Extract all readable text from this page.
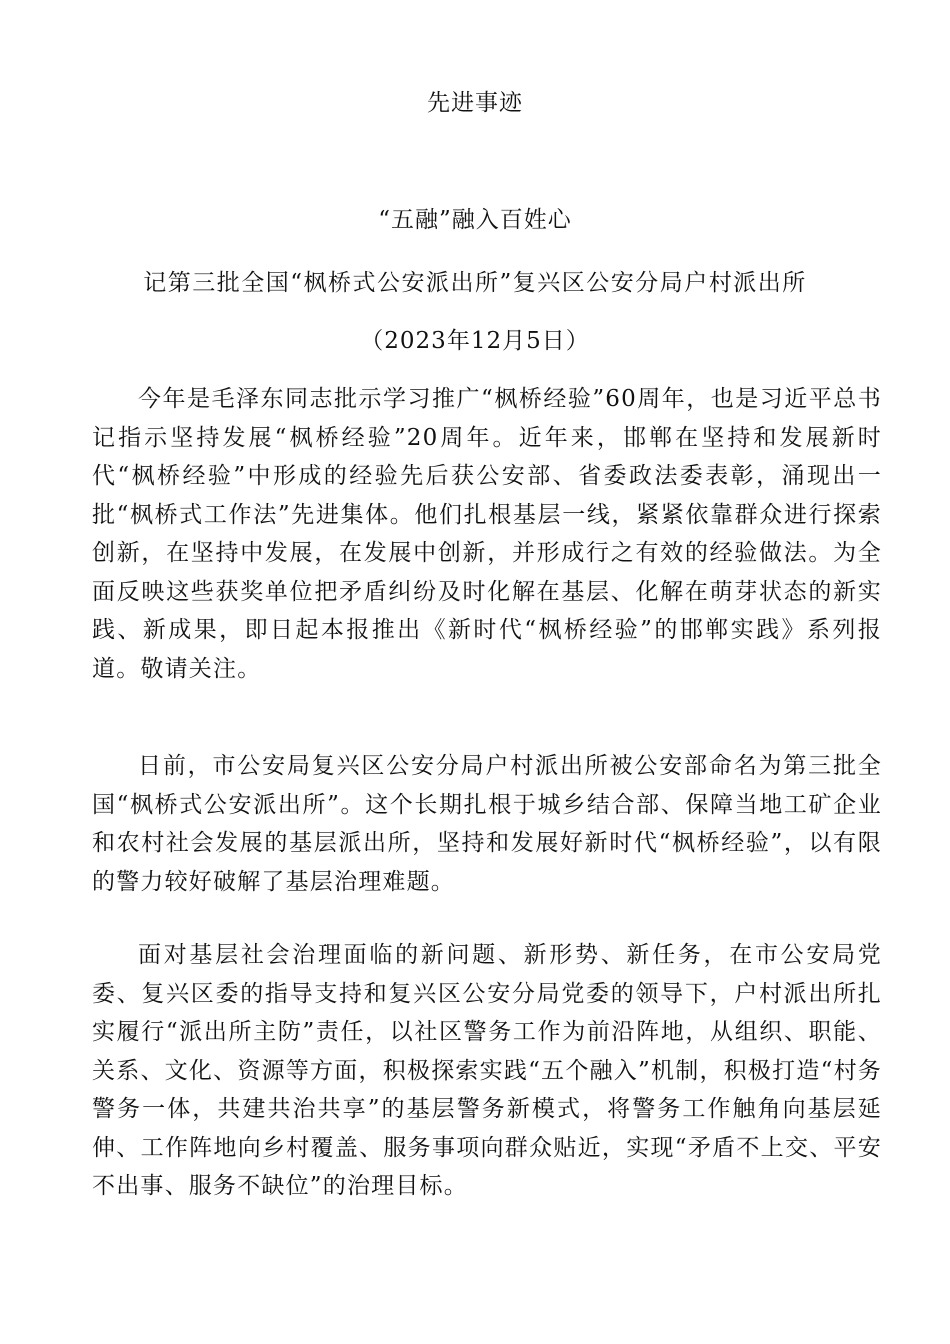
先进事迹
“五融”融入百姓心
记第三批全国“枫桥式公安派出所”复兴区公安分局户村派出所
（2023年12月5日）

今年是毛泽东同志批示学习推广“枫桥经验”60周年，也是习近平总书记指示坚持发展“枫桥经验”20周年。近年来，邯郸在坚持和发展新时代“枫桥经验”中形成的经验先后获公安部、省委政法委表彰，涌现出一批“枫桥式工作法”先进集体。他们扎根基层一线，紧紧依靠群众进行探索创新，在坚持中发展，在发展中创新，并形成行之有效的经验做法。为全面反映这些获奖单位把矛盾纠纷及时化解在基层、化解在萌芽状态的新实践、新成果，即日起本报推出《新时代“枫桥经验”的邯郸实践》系列报道。敬请关注。

日前，市公安局复兴区公安分局户村派出所被公安部命名为第三批全国“枫桥式公安派出所”。这个长期扎根于城乡结合部、保障当地工矿企业和农村社会发展的基层派出所，坚持和发展好新时代“枫桥经验”，以有限的警力较好破解了基层治理难题。

面对基层社会治理面临的新问题、新形势、新任务，在市公安局党委、复兴区委的指导支持和复兴区公安分局党委的领导下，户村派出所扎实履行“派出所主防”责任，以社区警务工作为前沿阵地，从组织、职能、关系、文化、资源等方面，积极探索实践“五个融入”机制，积极打造“村务警务一体，共建共治共享”的基层警务新模式，将警务工作触角向基层延伸、工作阵地向乡村覆盖、服务事项向群众贴近，实现“矛盾不上交、平安不出事、服务不缺位”的治理目标。
